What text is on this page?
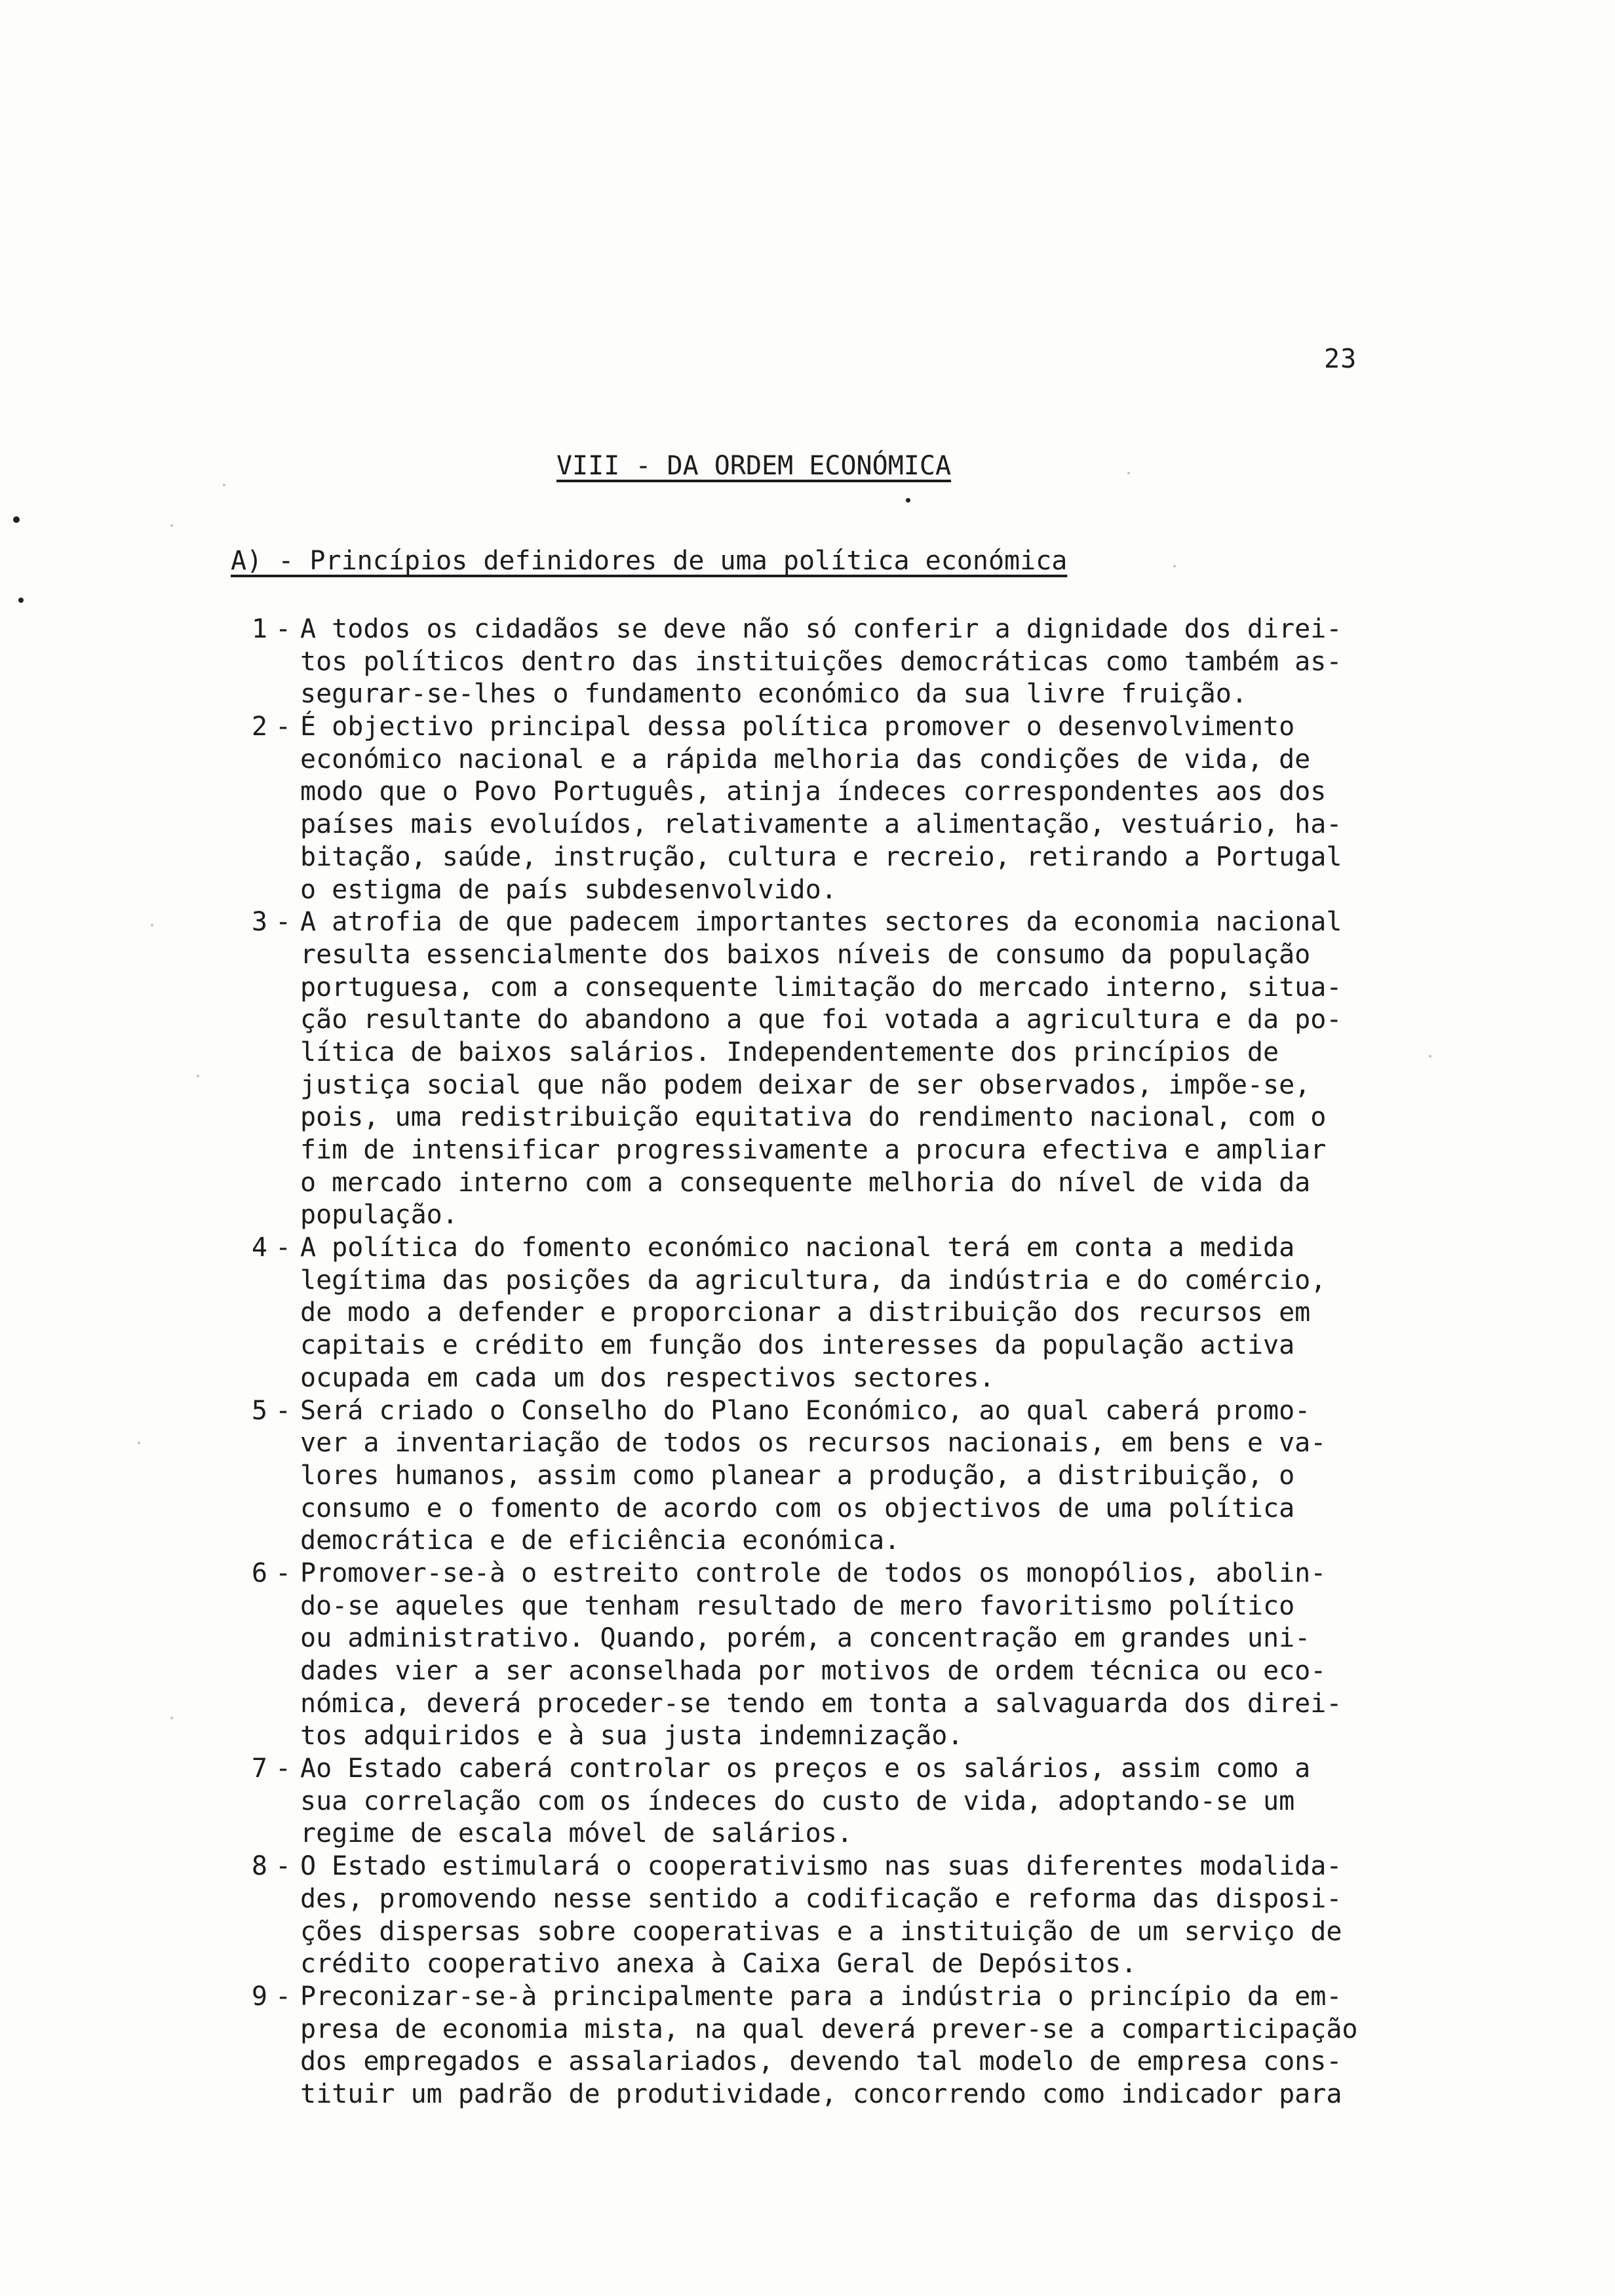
23
VIII - DA ORDEM ECONÓMICA
A) - Princípios definidores de uma política económica
1 - A todos os cidadãos se deve não só conferir a dignidade dos direi-
tos políticos dentro das instituições democráticas como também as-
segurar-se-lhes o fundamento económico da sua livre fruição.
2 - É objectivo principal dessa política promover o desenvolvimento
económico nacional e a rápida melhoria das condições de vida, de
modo que o Povo Português, atinja índeces correspondentes aos dos
países mais evoluídos, relativamente a alimentação, vestuário, ha-
bitação, saúde, instrução, cultura e recreio, retirando a Portugal
o estigma de país subdesenvolvido.
3 - A atrofia de que padecem importantes sectores da economia nacional
resulta essencialmente dos baixos níveis de consumo da população
portuguesa, com a consequente limitação do mercado interno, situa-
ção resultante do abandono a que foi votada a agricultura e da po-
lítica de baixos salários. Independentemente dos princípios de
justiça social que não podem deixar de ser observados, impõe-se,
pois, uma redistribuição equitativa do rendimento nacional, com o
fim de intensificar progressivamente a procura efectiva e ampliar
o mercado interno com a consequente melhoria do nível de vida da
população.
4 - A política do fomento económico nacional terá em conta a medida
legítima das posições da agricultura, da indústria e do comércio,
de modo a defender e proporcionar a distribuição dos recursos em
capitais e crédito em função dos interesses da população activa
ocupada em cada um dos respectivos sectores.
5 - Será criado o Conselho do Plano Económico, ao qual caberá promo-
ver a inventariação de todos os recursos nacionais, em bens e va-
lores humanos, assim como planear a produção, a distribuição, o
consumo e o fomento de acordo com os objectivos de uma política
democrática e de eficiência económica.
6 - Promover-se-à o estreito controle de todos os monopólios, abolin-
do-se aqueles que tenham resultado de mero favoritismo político
ou administrativo. Quando, porém, a concentração em grandes uni-
dades vier a ser aconselhada por motivos de ordem técnica ou eco-
nómica, deverá proceder-se tendo em tonta a salvaguarda dos direi-
tos adquiridos e à sua justa indemnização.
7 - Ao Estado caberá controlar os preços e os salários, assim como a
sua correlação com os índeces do custo de vida, adoptando-se um
regime de escala móvel de salários.
8 - O Estado estimulará o cooperativismo nas suas diferentes modalida-
des, promovendo nesse sentido a codificação e reforma das disposi-
ções dispersas sobre cooperativas e a instituição de um serviço de
crédito cooperativo anexa à Caixa Geral de Depósitos.
9 - Preconizar-se-à principalmente para a indústria o princípio da em-
presa de economia mista, na qual deverá prever-se a comparticipação
dos empregados e assalariados, devendo tal modelo de empresa cons-
tituir um padrão de produtividade, concorrendo como indicador para
